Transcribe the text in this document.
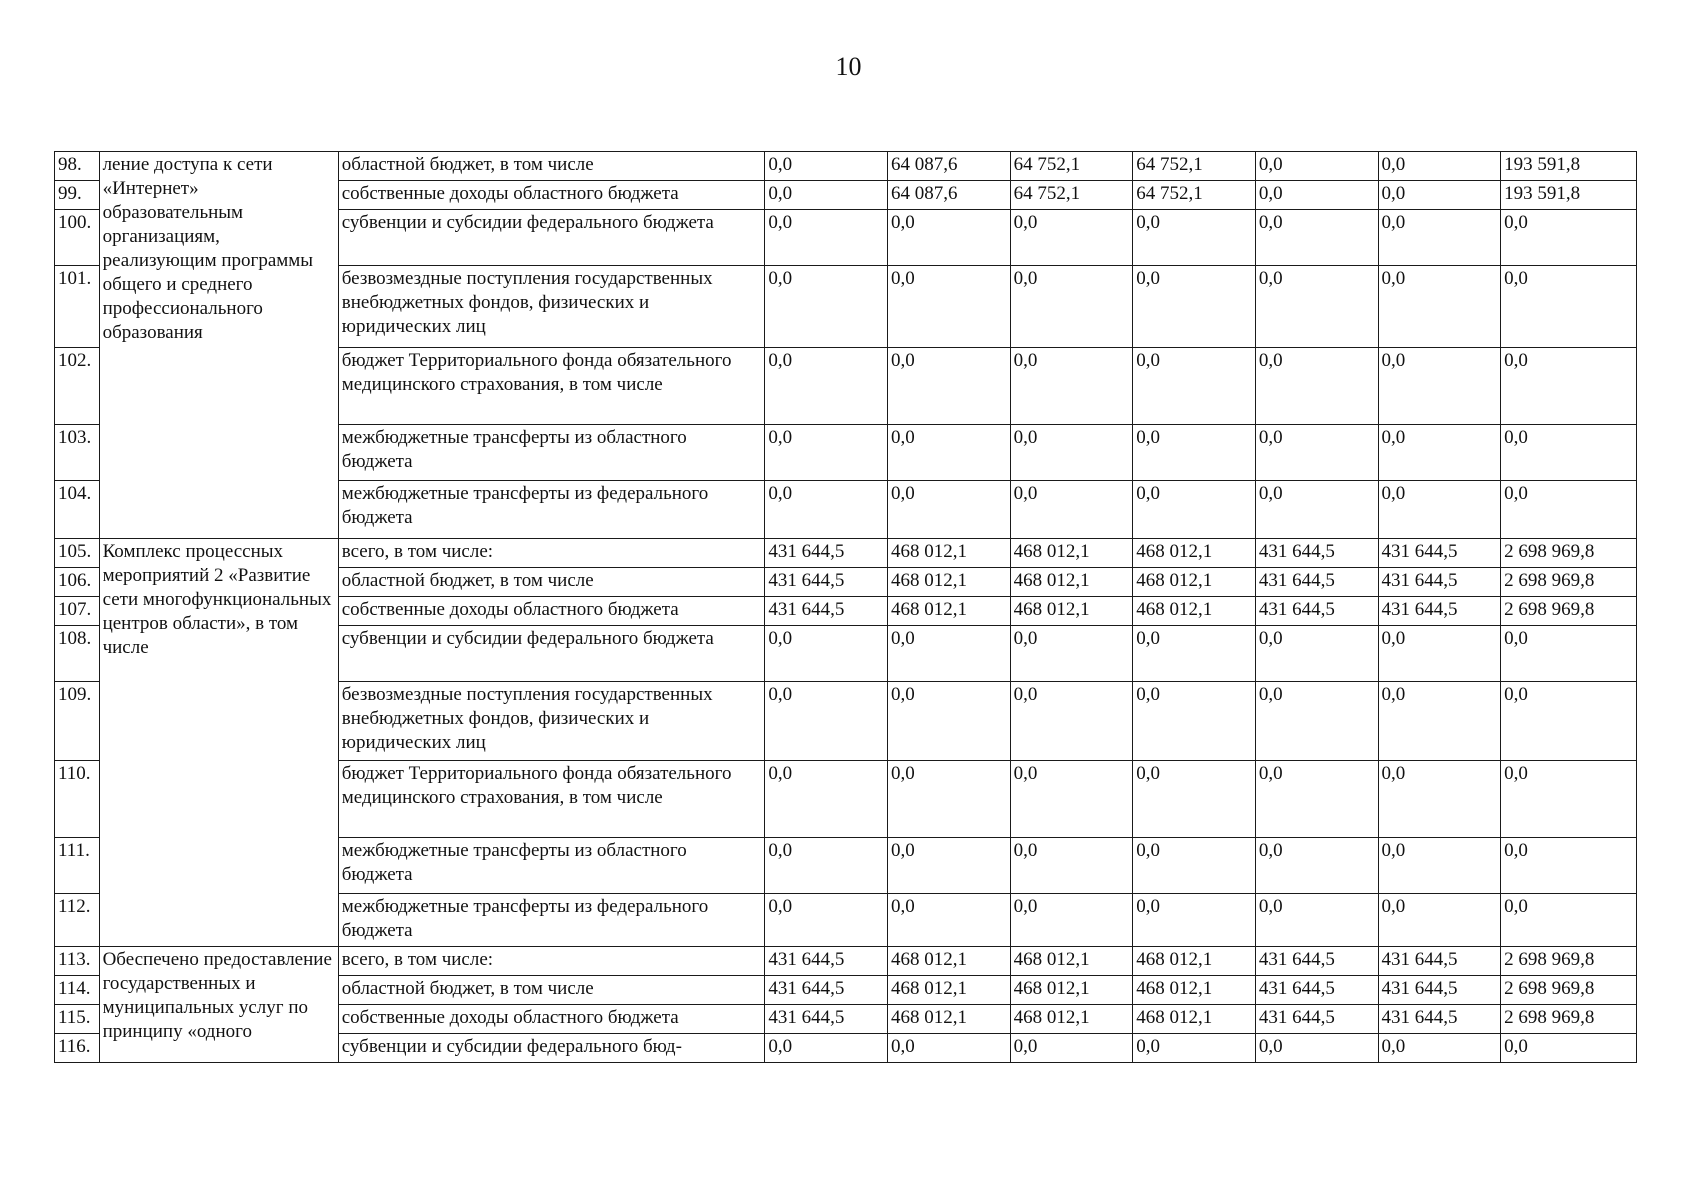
10
98.	ление доступа к сети «Интернет» образовательным организациям, реализующим программы общего и среднего профессионального образования	областной бюджет, в том числе	0,0	64 087,6	64 752,1	64 752,1	0,0	0,0	193 591,8
99.		собственные доходы областного бюджета	0,0	64 087,6	64 752,1	64 752,1	0,0	0,0	193 591,8
100.		субвенции и субсидии федерального бюджета	0,0	0,0	0,0	0,0	0,0	0,0	0,0
101.		безвозмездные поступления государственных внебюджетных фондов, физических и юридических лиц	0,0	0,0	0,0	0,0	0,0	0,0	0,0
102.		бюджет Территориального фонда обязательного медицинского страхования, в том числе	0,0	0,0	0,0	0,0	0,0	0,0	0,0
103.		межбюджетные трансферты из областного бюджета	0,0	0,0	0,0	0,0	0,0	0,0	0,0
104.		межбюджетные трансферты из федерального бюджета	0,0	0,0	0,0	0,0	0,0	0,0	0,0
105.	Комплекс процессных мероприятий 2 «Развитие сети многофункциональных центров области», в том числе	всего, в том числе:	431 644,5	468 012,1	468 012,1	468 012,1	431 644,5	431 644,5	2 698 969,8
106.		областной бюджет, в том числе	431 644,5	468 012,1	468 012,1	468 012,1	431 644,5	431 644,5	2 698 969,8
107.		собственные доходы областного бюджета	431 644,5	468 012,1	468 012,1	468 012,1	431 644,5	431 644,5	2 698 969,8
108.		субвенции и субсидии федерального бюджета	0,0	0,0	0,0	0,0	0,0	0,0	0,0
109.		безвозмездные поступления государственных внебюджетных фондов, физических и юридических лиц	0,0	0,0	0,0	0,0	0,0	0,0	0,0
110.		бюджет Территориального фонда обязательного медицинского страхования, в том числе	0,0	0,0	0,0	0,0	0,0	0,0	0,0
111.		межбюджетные трансферты из областного бюджета	0,0	0,0	0,0	0,0	0,0	0,0	0,0
112.		межбюджетные трансферты из федерального бюджета	0,0	0,0	0,0	0,0	0,0	0,0	0,0
113.	Обеспечено предоставление государственных и муниципальных услуг по принципу «одного	всего, в том числе:	431 644,5	468 012,1	468 012,1	468 012,1	431 644,5	431 644,5	2 698 969,8
114.		областной бюджет, в том числе	431 644,5	468 012,1	468 012,1	468 012,1	431 644,5	431 644,5	2 698 969,8
115.		собственные доходы областного бюджета	431 644,5	468 012,1	468 012,1	468 012,1	431 644,5	431 644,5	2 698 969,8
116.		субвенции и субсидии федерального бюд-	0,0	0,0	0,0	0,0	0,0	0,0	0,0
